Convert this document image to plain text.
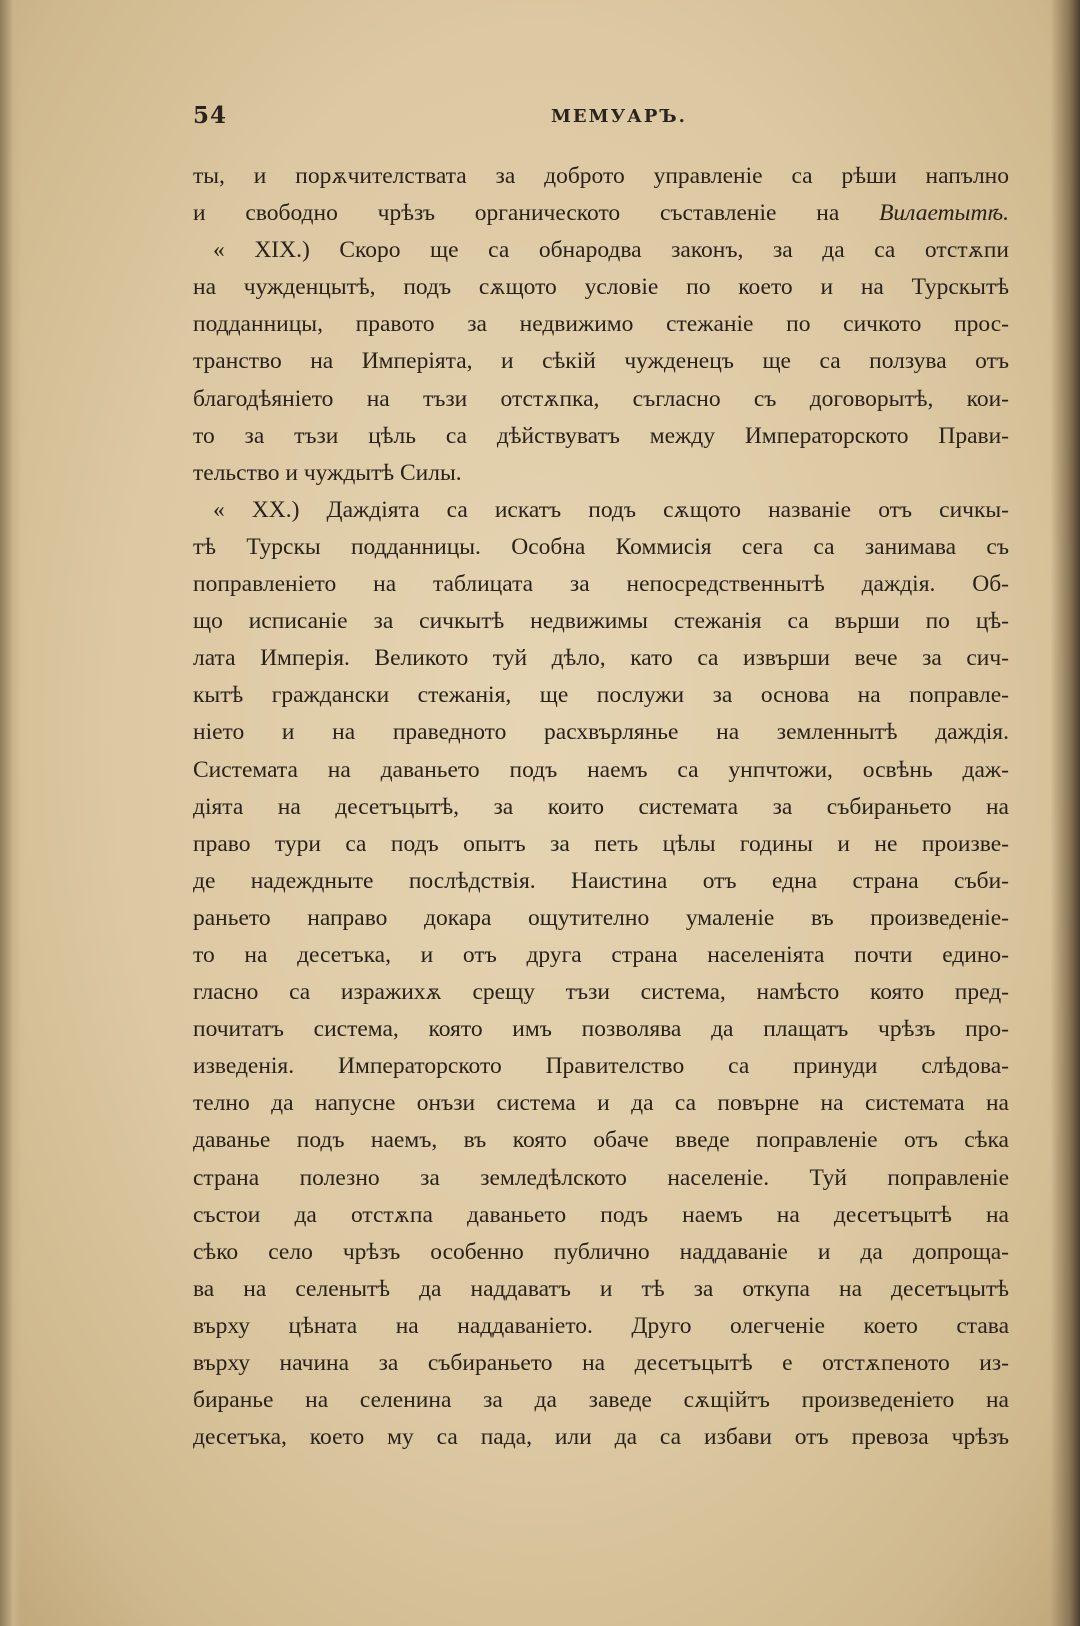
54	МЕМУАРЪ.
ты, и порѫчителствата за доброто управленіе са рѣши напълно
и свободно чрѣзъ органическото съставленіе на Вилаетытѣ.
« XIX.) Скоро ще са обнародва законъ, за да са отстѫпи
на чужденцытѣ, подъ сѫщото условіе по което и на Турскытѣ
подданницы, правото за недвижимо стежаніе по сичкото прос-
транство на Имперіята, и сѣкій чужденецъ ще са ползува отъ
благодѣяніето на тъзи отстѫпка, съгласно съ договорытѣ, кои-
то за тъзи цѣль са дѣйствуватъ между Императорското Прави-
тельство и чуждытѣ Силы.
« XX.) Даждіята са искатъ подъ сѫщото названіе отъ сичкы-
тѣ Турскы подданницы. Особна Коммисія сега са занимава съ
поправленіето на таблицата за непосредственнытѣ даждія. Об-
що исписаніе за сичкытѣ недвижимы стежанія са върши по цѣ-
лата Имперія. Великото туй дѣло, като са извърши вече за сич-
кытѣ граждански стежанія, ще послужи за основа на поправле-
ніето и на праведното расхвърлянье на земленнытѣ даждія.
Системата на даваньето подъ наемъ са унпчтожи, освѣнь даж-
діята на десетъцытѣ, за които системата за събираньето на
право тури са подъ опытъ за петь цѣлы годины и не произве-
де надеждныте послѣдствія. Наистина отъ една страна съби-
раньето направо докара ощутително умаленіе въ произведеніе-
то на десетъка, и отъ друга страна населеніята почти едино-
гласно са изражихѫ срещу тъзи система, намѣсто която пред-
почитатъ система, която имъ позволява да плащатъ чрѣзъ про-
изведенія. Императорското Правителство са принуди слѣдова-
телно да напусне онъзи система и да са повърне на системата на
даванье подъ наемъ, въ която обаче введе поправленіе отъ сѣка
страна полезно за земледѣлското населеніе. Туй поправленіе
състои да отстѫпа даваньето подъ наемъ на десетъцытѣ на
сѣко село чрѣзъ особенно публично наддаваніе и да допроща-
ва на селенытѣ да наддаватъ и тѣ за откупа на десетъцытѣ
върху цѣната на наддаваніето. Друго олегченіе което става
върху начина за събираньето на десетъцытѣ е отстѫпеното из-
биранье на селенина за да заведе сѫщійтъ произведеніето на
десетъка, което му са пада, или да са избави отъ превоза чрѣзъ
